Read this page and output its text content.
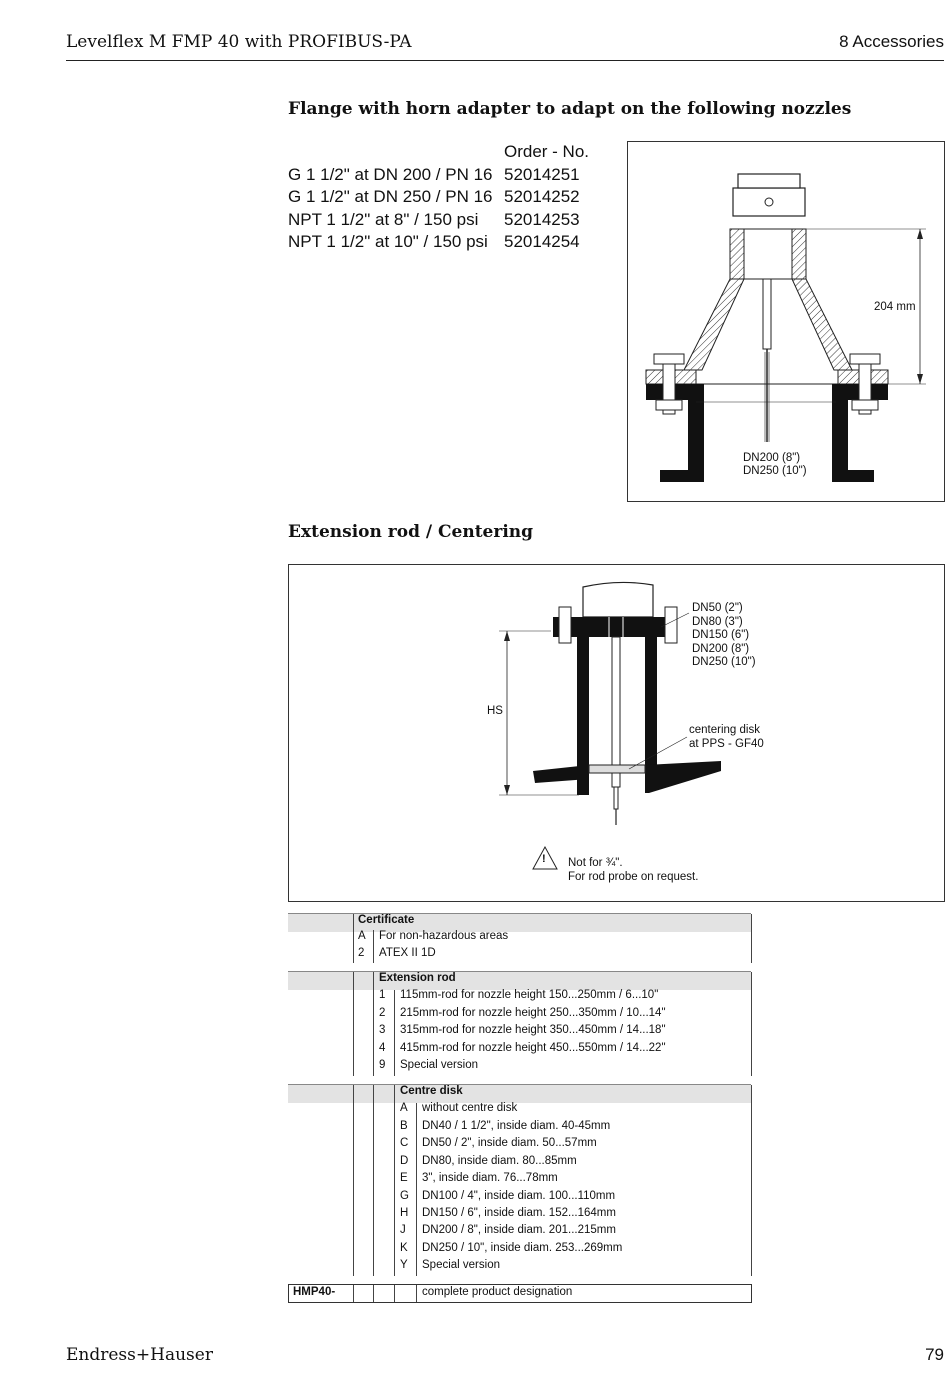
Levelflex M FMP 40 with PROFIBUS-PA	8 Accessories
Flange with horn adapter to adapt on the following nozzles
Order - No.
G 1 1/2" at DN 200 / PN 16 52014251
G 1 1/2" at DN 250 / PN 16 52014252
NPT 1 1/2" at 8" / 150 psi	52014253
NPT 1 1/2" at 10" / 150 psi 52014254
204 mm
DN200 (8")
DN250 (10")
Extension rod / Centering
DN50 (2")
DN80 (3")
DN150 (6")
DN200 (8")
DN250 (10")
HS
centering disk
at PPS - GF40
! Not for ¾".
For rod probe on request.
Certificate
A For non-hazardous areas
2 ATEX II 1D
Extension rod
1 115mm-rod for nozzle height 150...250mm / 6...10"
2 215mm-rod for nozzle height 250...350mm / 10...14"
3 315mm-rod for nozzle height 350...450mm / 14...18"
4 415mm-rod for nozzle height 450...550mm / 14...22"
9 Special version
Centre disk
A without centre disk
B DN40 / 1 1/2", inside diam. 40-45mm
C DN50 / 2", inside diam. 50...57mm
D DN80, inside diam. 80...85mm
E 3", inside diam. 76...78mm
G DN100 / 4", inside diam. 100...110mm
H DN150 / 6", inside diam. 152...164mm
J DN200 / 8", inside diam. 201...215mm
K DN250 / 10", inside diam. 253...269mm
Y Special version
HMP40-	complete product designation
Endress+Hauser	79
